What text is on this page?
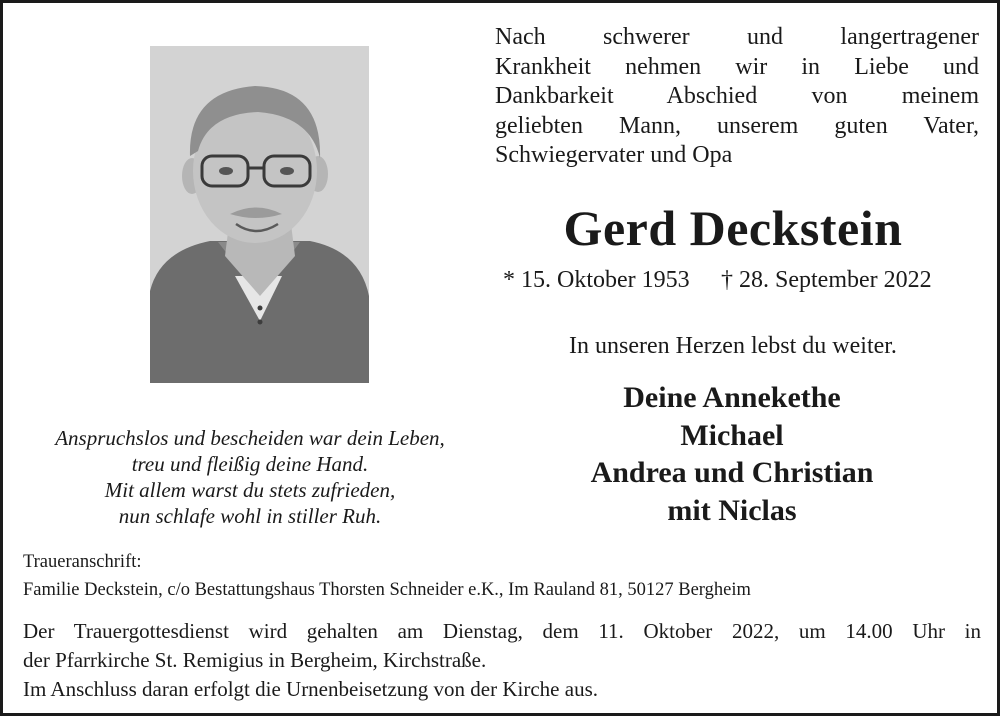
Nach schwerer und langertragener
Krankheit nehmen wir in Liebe und
Dankbarkeit Abschied von meinem
geliebten Mann, unserem guten Vater,
Schwiegervater und Opa
Gerd Deckstein
* 15. Oktober 1953 † 28. September 2022
In unseren Herzen lebst du weiter.
Deine Annekethe
Michael
Andrea und Christian
mit Niclas
Anspruchslos und bescheiden war dein Leben,
treu und fleißig deine Hand.
Mit allem warst du stets zufrieden,
nun schlafe wohl in stiller Ruh.
Traueranschrift:
Familie Deckstein, c/o Bestattungshaus Thorsten Schneider e.K., Im Rauland 81, 50127 Bergheim
Der Trauergottesdienst wird gehalten am Dienstag, dem 11. Oktober 2022, um 14.00 Uhr in
der Pfarrkirche St. Remigius in Bergheim, Kirchstraße.
Im Anschluss daran erfolgt die Urnenbeisetzung von der Kirche aus.
